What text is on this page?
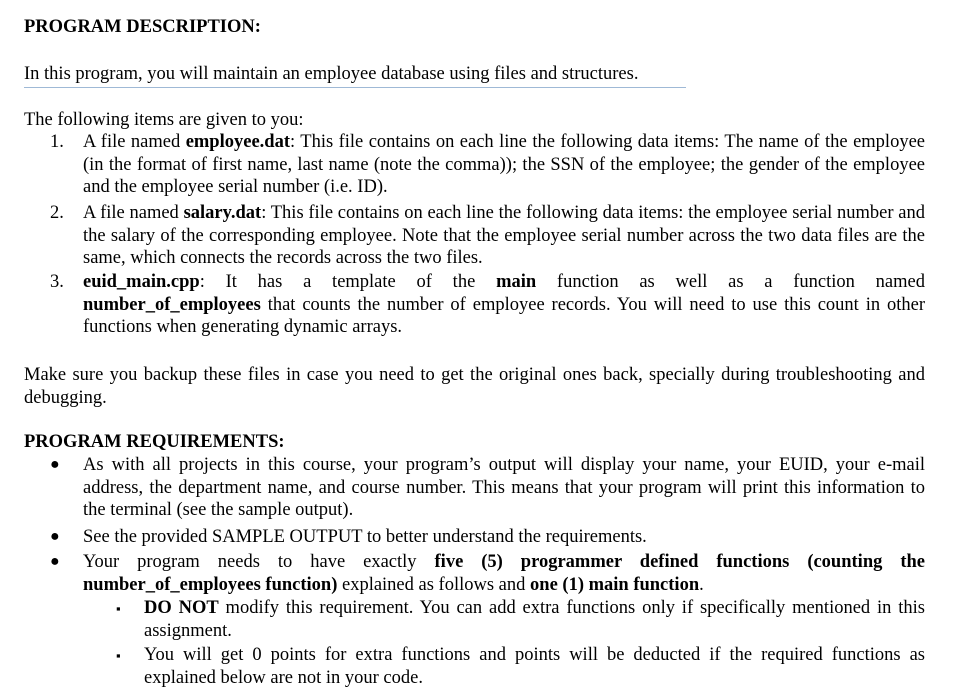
PROGRAM DESCRIPTION:
In this program, you will maintain an employee database using files and structures.
The following items are given to you:
1.	A file named employee.dat: This file contains on each line the following data items: The name of the employee (in the format of first name, last name (note the comma)); the SSN of the employee; the gender of the employee and the employee serial number (i.e. ID).
2.	A file named salary.dat: This file contains on each line the following data items: the employee serial number and the salary of the corresponding employee. Note that the employee serial number across the two data files are the same, which connects the records across the two files.
3.	euid_main.cpp: It has a template of the main function as well as a function named number_of_employees that counts the number of employee records. You will need to use this count in other functions when generating dynamic arrays.
Make sure you backup these files in case you need to get the original ones back, specially during troubleshooting and debugging.
PROGRAM REQUIREMENTS:
●	As with all projects in this course, your program’s output will display your name, your EUID, your e-mail address, the department name, and course number. This means that your program will print this information to the terminal (see the sample output).
●	See the provided SAMPLE OUTPUT to better understand the requirements.
●	Your program needs to have exactly five (5) programmer defined functions (counting the number_of_employees function) explained as follows and one (1) main function.
▪	DO NOT modify this requirement. You can add extra functions only if specifically mentioned in this assignment.
▪	You will get 0 points for extra functions and points will be deducted if the required functions as explained below are not in your code.
